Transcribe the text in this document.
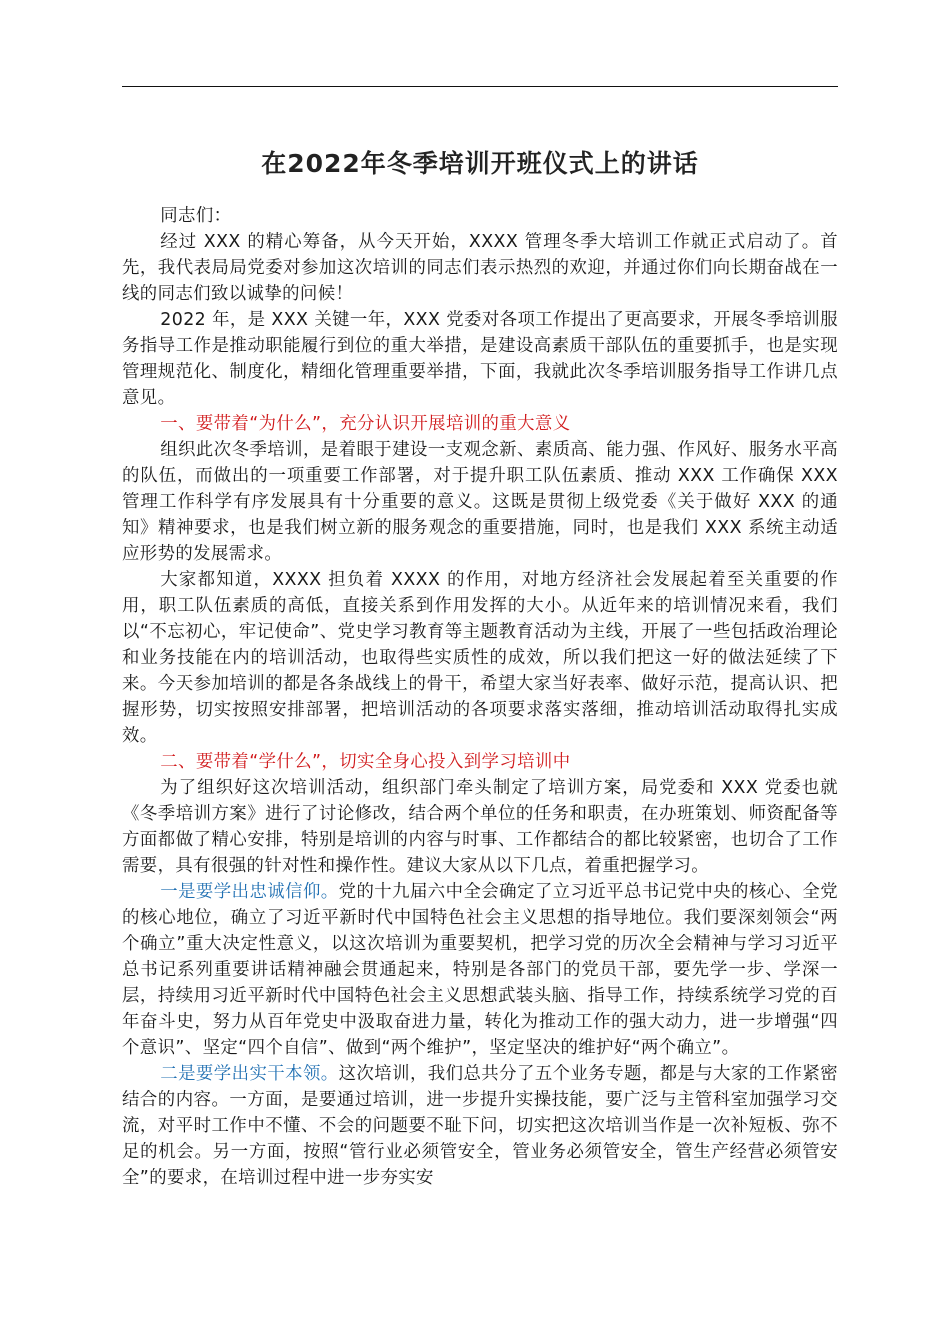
在2022年冬季培训开班仪式上的讲话

同志们：

经过 XXX 的精心筹备，从今天开始，XXXX 管理冬季大培训工作就正式启动了。首先，我代表局局党委对参加这次培训的同志们表示热烈的欢迎，并通过你们向长期奋战在一线的同志们致以诚挚的问候！

2022 年，是 XXX 关键一年，XXX 党委对各项工作提出了更高要求，开展冬季培训服务指导工作是推动职能履行到位的重大举措，是建设高素质干部队伍的重要抓手，也是实现管理规范化、制度化，精细化管理重要举措，下面，我就此次冬季培训服务指导工作讲几点意见。

一、要带着“为什么”，充分认识开展培训的重大意义

组织此次冬季培训，是着眼于建设一支观念新、素质高、能力强、作风好、服务水平高的队伍，而做出的一项重要工作部署，对于提升职工队伍素质、推动 XXX 工作确保 XXX 管理工作科学有序发展具有十分重要的意义。这既是贯彻上级党委《关于做好 XXX 的通知》精神要求，也是我们树立新的服务观念的重要措施，同时，也是我们 XXX 系统主动适应形势的发展需求。

大家都知道，XXXX 担负着 XXXX 的作用，对地方经济社会发展起着至关重要的作用，职工队伍素质的高低，直接关系到作用发挥的大小。从近年来的培训情况来看，我们以“不忘初心，牢记使命”、党史学习教育等主题教育活动为主线，开展了一些包括政治理论和业务技能在内的培训活动，也取得些实质性的成效，所以我们把这一好的做法延续了下来。今天参加培训的都是各条战线上的骨干，希望大家当好表率、做好示范，提高认识、把握形势，切实按照安排部署，把培训活动的各项要求落实落细，推动培训活动取得扎实成效。

二、要带着“学什么”，切实全身心投入到学习培训中

为了组织好这次培训活动，组织部门牵头制定了培训方案，局党委和 XXX 党委也就《冬季培训方案》进行了讨论修改，结合两个单位的任务和职责，在办班策划、师资配备等方面都做了精心安排，特别是培训的内容与时事、工作都结合的都比较紧密，也切合了工作需要，具有很强的针对性和操作性。建议大家从以下几点，着重把握学习。

一是要学出忠诚信仰。党的十九届六中全会确定了立习近平总书记党中央的核心、全党的核心地位，确立了习近平新时代中国特色社会主义思想的指导地位。我们要深刻领会“两个确立”重大决定性意义，以这次培训为重要契机，把学习党的历次全会精神与学习习近平总书记系列重要讲话精神融会贯通起来，特别是各部门的党员干部，要先学一步、学深一层，持续用习近平新时代中国特色社会主义思想武装头脑、指导工作，持续系统学习党的百年奋斗史，努力从百年党史中汲取奋进力量，转化为推动工作的强大动力，进一步增强“四个意识”、坚定“四个自信”、做到“两个维护”，坚定坚决的维护好“两个确立”。

二是要学出实干本领。这次培训，我们总共分了五个业务专题，都是与大家的工作紧密结合的内容。一方面，是要通过培训，进一步提升实操技能，要广泛与主管科室加强学习交流，对平时工作中不懂、不会的问题要不耻下问，切实把这次培训当作是一次补短板、弥不足的机会。另一方面，按照“管行业必须管安全，管业务必须管安全，管生产经营必须管安全”的要求，在培训过程中进一步夯实安
